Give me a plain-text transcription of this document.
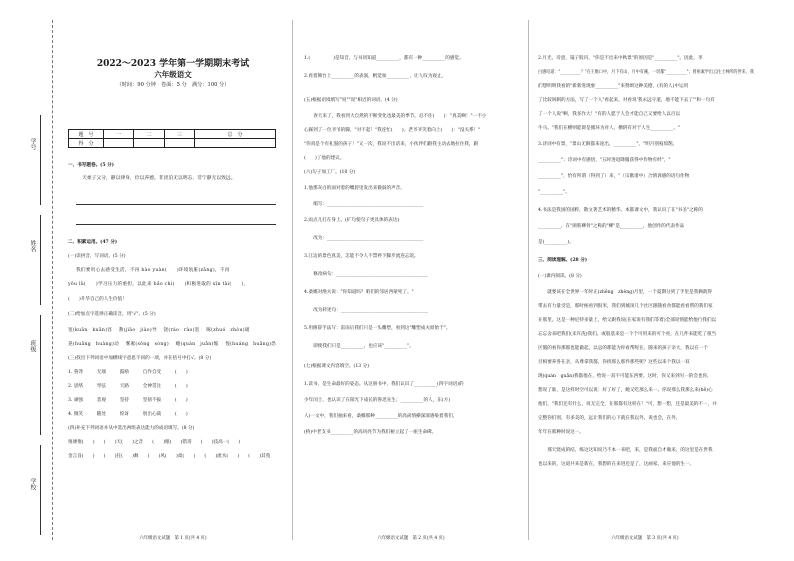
学校
班级
姓名
学号
2022～2023 学年第一学期期末考试
六年级语文
（时间：90 分钟　卷面：5 分　满分：100 分）
题　号	一	二	三	总　分
得　分				
一、书写题卷。(5 分)
天柔子父分，静以律身，俭以养德。非淡泊无以明志，非宁静无以致远。
二、积累运用。(47 分)
(一)读拼音，写词语。(5 分)
我们要用心去感受生活，不再 bào yuàn(　　)环境肮脏(zāng)，不再
yōu lǜ(　　)学习压力的重担，以此来 bǎo chí(　　)积极进取的 xīn tài(　　)，
(　　)升华自己的人生价值！
(二)给加点字选择正确读音，用"√"。(5 分)
宽(kuān　kuǎn)容　 教(jiāo　jiào)导　 饶(ráo　rào)恕　 啄(zhuó　zhòu)破
晃(huǎng　huàng)动　 雾凇(sōng　sòng)　 蜷(quán　juǎn)缩　 惶(huáng　huǎng)恐
(三)找出下列词语中加横线字意思不同的一项，并在括号中打√。(8 分)
1. 鲁莽　　　无端　　　鼓励　　　自作自受　　　(　　)
2. 思绪　　　琴弦　　　天路　　　全神贯注　　　(　　)
3. 顽强　　　悲观　　　坚持　　　坚韧不拔　　　(　　)
4. 微笑　　　随处　　　惊讶　　　别出心裁　　　(　　)
(四)补充下列词语并从中选出两组表达能力的成语填写。(8 分)
推诿推(　　)　　(　　)天(　　)之音　　(　　)粮(　　)错哥　　(　　)技高一(　　)
金言良(　　)　　(　　)狂(　　)舞　　(　　)风(　　)肃(　　)　　(　　)流水(　　)　　(　　)其苑
六年级语文试题　第 1 页(共 4 页)
1.(　　　　　)是知音，与书同知道__________，都有一种__________的感觉。
2.看着舞台上__________的表演，帆觉加__________，让人叹为观止。
(五)根据语境填写"说""说"相近的词语。(4 分)
　　春天来了，我看到大自然的不断变化也最美的季节。忍不住(　　)："真美啊！"一不小
心踩到了一位爷爷的脚，"对不起！"我连忙(　　)。老爷爷笑着向上(　　)："没关系！"
"你真是个有礼貌的孩子！"又一次，我说不出话来，小伙伴们跟我主动去地拉住我，跟
(　　)了他的建议。
(六)句子加工厂。(10 分)
1.他那灰白的面对着的嘴唇里发出来微弱的声音。
　　缩写：__________________________________________
2.雨点儿打在身上。(扩句使句子更具体的表达)
　　改为：__________________________________________
3.江边的景色真美，怎能不令人不禁停下脚步流连忘返。
　　修改病句：________________________________________
4.桑娜对渔夫说："你知道吗？咱们的邻居西蒙死了。"
　　改为转述句：______________________________________
5.用修辞手法写：雷雨后我们只是一头雕塑，看到这"雕塑成夫原始于"。
　　即使我们只是__________，也应该"__________"。
(七)根据课文内容填空。(13 分)
1.读书，是生命最好的姿态。从这册书中，我们认识了__________(四字词语)的
少年闰土，也认识了在阳光下成长的鲁迅先生；__________的人，东(方)
人)一文中，我们抽来看，桑娜那种__________的高尚情操深深感染着我们，
(桥)中老支书__________的高风亮节为我们树立起了一座生命碑。
六年级语文试题　第 2 页(共 4 页)
2.月光，诗意，镜子般闪，"你是不出来中秋景"的原因是"__________"。因此，李
白感叹道："__________？"在王维口中，月下有山，月中有溪，一切都"__________"；曾祖素学出云往士林所的世来，我
们想明明我看的"新新进现象__________"来赞颂这种美德，(有的人)中运用
了比较讽刺的方法，写了一个人"看起来，对看说'我永远守道，地不能下去了'"和一句有
了一个人说"啊，我多作大！"有的人愿于人会才能自己又要给人以百以
牛马。"我们在横则能即是循环为对人，横阴有对于人生__________。"
3.诗词中有景，"景山无限都来途出，__________"，"明月别枝惊鹊，
__________"；诗词中有感悟，"五时进退降服获得中作物有经"，"
__________"，恰有所谓（得到了）来，"（宗歌诸中）合情诉感的语句作物
"__________"。
4.书法是我国的国粹，散文著艺术的精华。本都课文中，我认识了在"书圣"之称的
__________，在"颜筋柳骨"之称的"柳"是__________，他创作的代表作品
是(__________)。
三、阅读理解。(28 分)
(一)课内阅读。(8 分)
　　就要该在全世界一年时正(zhēng　zhèng)月里，一个夏期分到了手里是我俩就得
带去有力量受是，那时候看到很米，我们到城顶几个社区跟随看食都能看看帮的我们家
在那里。这是一种尼特多量上，给父跟我说(在家说有我们等着)全部说情能给他行我们以
忘忘舍来吧我们(未许洗)我们。或般基来是一个个可用来的可个亮，在几件来能吃了很当
区假的看你那那也能做起，以总的那能为你看帮呢在，随来的孩子亲大，我以在一个
目相要养各在亲，从尊拿我都，你找那么那件那些呢？这些以来个我以一双
现(quán　guǎn)我都他在，给说一双不可能东西要。这时，你又来到另一的会也你，
想说了谁，是这样时空可以说：好了好了，她又吃那么来一。你说那么我那么来(hē)心
他们，"我们还有什么，说无完全，在那都有这样在！"可，想一想，还是最美的不一，并
完整你们别，有多美的，远让我们的心下就在我以外，说也会，在外，
年年在那种时说这一。
　　那天烧成的结，练这这知说乃不本一来吧，来，是我面自才做来，的这里是在世我
也以来的，这道共来是新在，我想的在来进还是了，这画家，来应他的生一。
六年级语文试题　第 3 页(共 4 页)
